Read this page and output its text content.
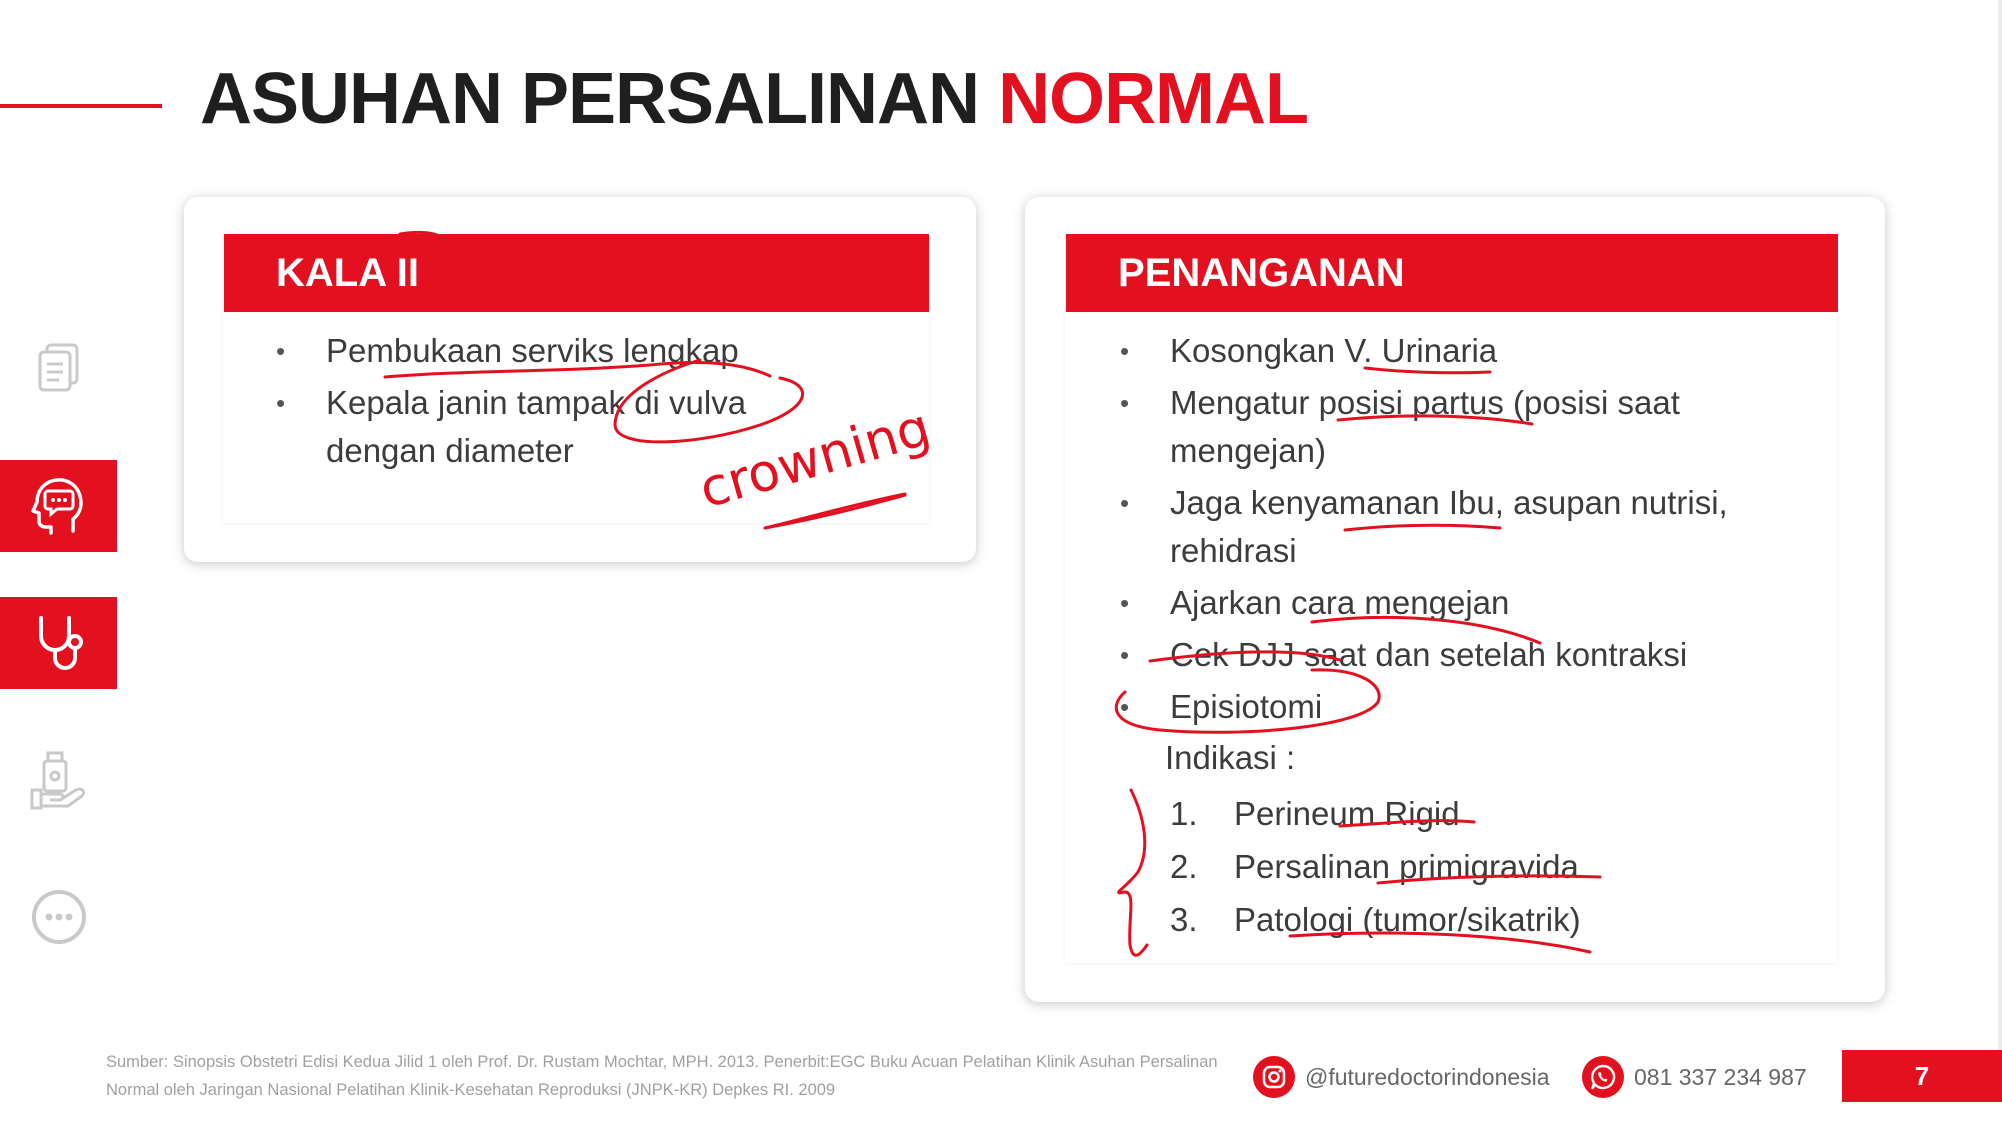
ASUHAN PERSALINAN NORMAL
KALA II
• Pembukaan serviks lengkap
• Kepala janin tampak di vulva dengan diameter
PENANGANAN
• Kosongkan V. Urinaria
• Mengatur posisi partus (posisi saat mengejan)
• Jaga kenyamanan Ibu, asupan nutrisi, rehidrasi
• Ajarkan cara mengejan
• Cek DJJ saat dan setelah kontraksi
• Episiotomi
Indikasi :
1.	Perineum Rigid
2.	Persalinan primigravida
3.	Patologi (tumor/sikatrik)
crowning
Sumber: Sinopsis Obstetri Edisi Kedua Jilid 1 oleh Prof. Dr. Rustam Mochtar, MPH. 2013. Penerbit:EGC Buku Acuan Pelatihan Klinik Asuhan Persalinan Normal oleh Jaringan Nasional Pelatihan Klinik-Kesehatan Reproduksi (JNPK-KR) Depkes RI. 2009
@futuredoctorindonesia	081 337 234 987	7
